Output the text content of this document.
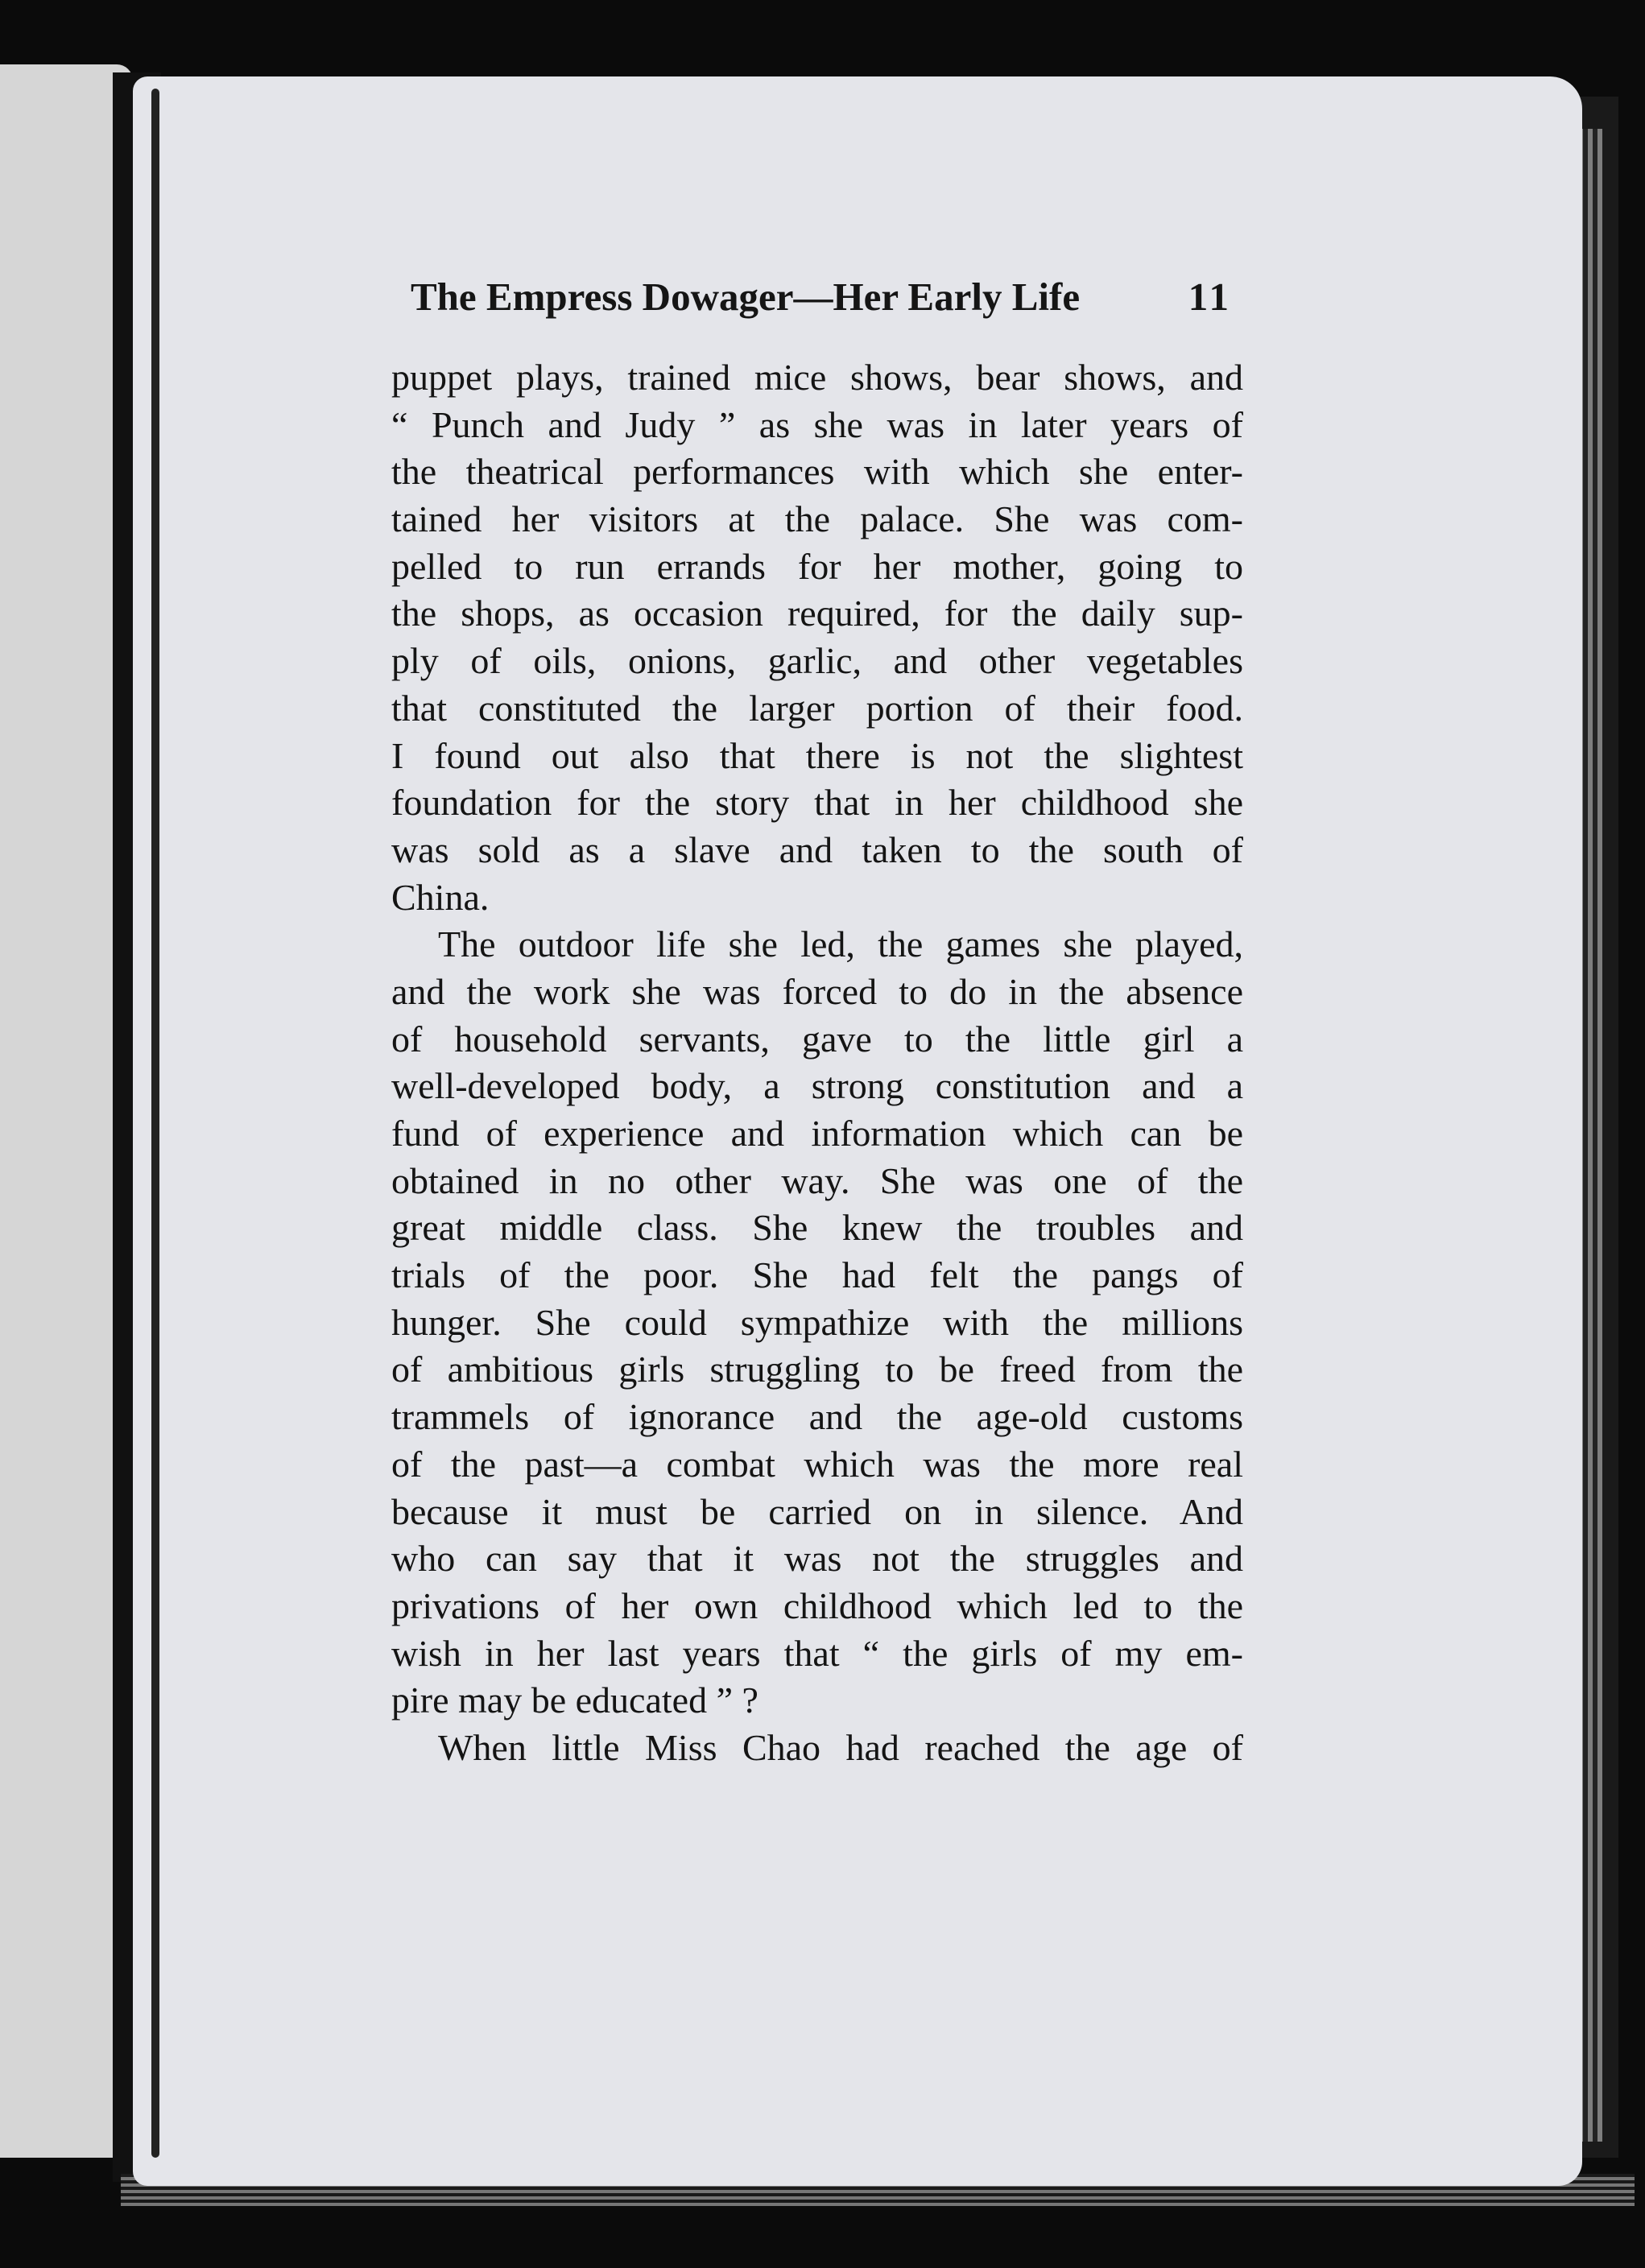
The Empress Dowager—Her Early Life	11
puppet plays, trained mice shows, bear shows, and
“ Punch and Judy ” as she was in later years of
the theatrical performances with which she enter-
tained her visitors at the palace. She was com-
pelled to run errands for her mother, going to
the shops, as occasion required, for the daily sup-
ply of oils, onions, garlic, and other vegetables
that constituted the larger portion of their food.
I found out also that there is not the slightest
foundation for the story that in her childhood she
was sold as a slave and taken to the south of
China.
The outdoor life she led, the games she played,
and the work she was forced to do in the absence
of household servants, gave to the little girl a
well-developed body, a strong constitution and a
fund of experience and information which can be
obtained in no other way. She was one of the
great middle class. She knew the troubles and
trials of the poor. She had felt the pangs of
hunger. She could sympathize with the millions
of ambitious girls struggling to be freed from the
trammels of ignorance and the age-old customs
of the past—a combat which was the more real
because it must be carried on in silence. And
who can say that it was not the struggles and
privations of her own childhood which led to the
wish in her last years that “ the girls of my em-
pire may be educated ” ?
When little Miss Chao had reached the age of
